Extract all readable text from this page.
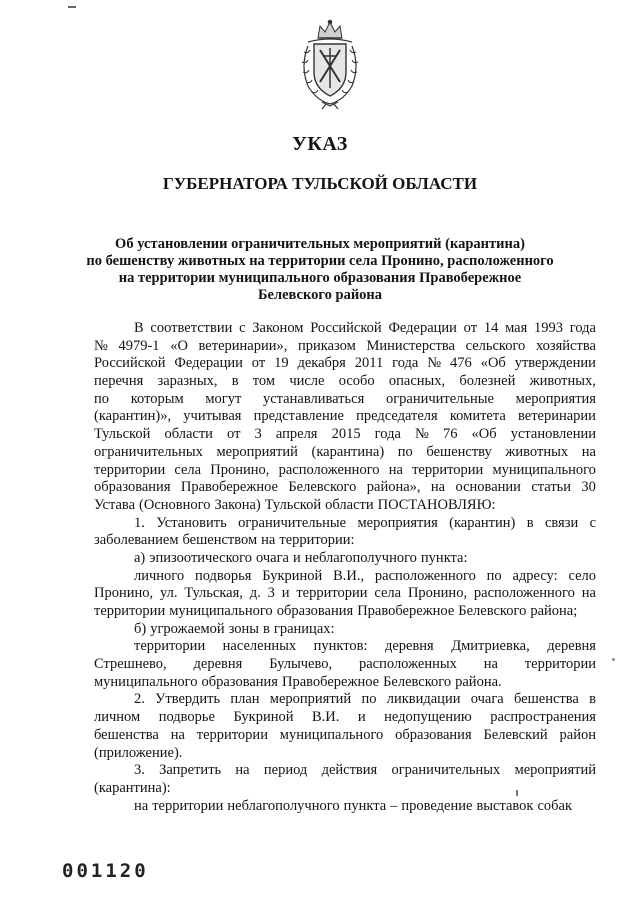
УКАЗ
ГУБЕРНАТОРА ТУЛЬСКОЙ ОБЛАСТИ
Об установлении ограничительных мероприятий (карантина)
по бешенству животных на территории села Пронино, расположенного
на территории муниципального образования Правобережное
Белевского района
В соответствии с Законом Российской Федерации от 14 мая 1993 года
№ 4979-1 «О ветеринарии», приказом Министерства сельского хозяйства
Российской Федерации от 19 декабря 2011 года № 476 «Об утверждении
перечня заразных, в том числе особо опасных, болезней животных,
по которым могут устанавливаться ограничительные мероприятия
(карантин)», учитывая представление председателя комитета ветеринарии
Тульской области от 3 апреля 2015 года № 76 «Об установлении
ограничительных мероприятий (карантина) по бешенству животных на
территории села Пронино, расположенного на территории муниципального
образования Правобережное Белевского района», на основании статьи 30
Устава (Основного Закона) Тульской области ПОСТАНОВЛЯЮ:
1. Установить ограничительные мероприятия (карантин) в связи с
заболеванием бешенством на территории:
а) эпизоотического очага и неблагополучного пункта:
личного подворья Букриной В.И., расположенного по адресу: село
Пронино, ул. Тульская, д. 3 и территории села Пронино, расположенного на
территории муниципального образования Правобережное Белевского района;
б) угрожаемой зоны в границах:
территории населенных пунктов: деревня Дмитриевка, деревня
Стрешнево, деревня Булычево, расположенных на территории
муниципального образования Правобережное Белевского района.
2. Утвердить план мероприятий по ликвидации очага бешенства в
личном подворье Букриной В.И. и недопущению распространения
бешенства на территории муниципального образования Белевский район
(приложение).
3. Запретить на период действия ограничительных мероприятий
(карантина):
на территории неблагополучного пункта – проведение выставок собак
001120
